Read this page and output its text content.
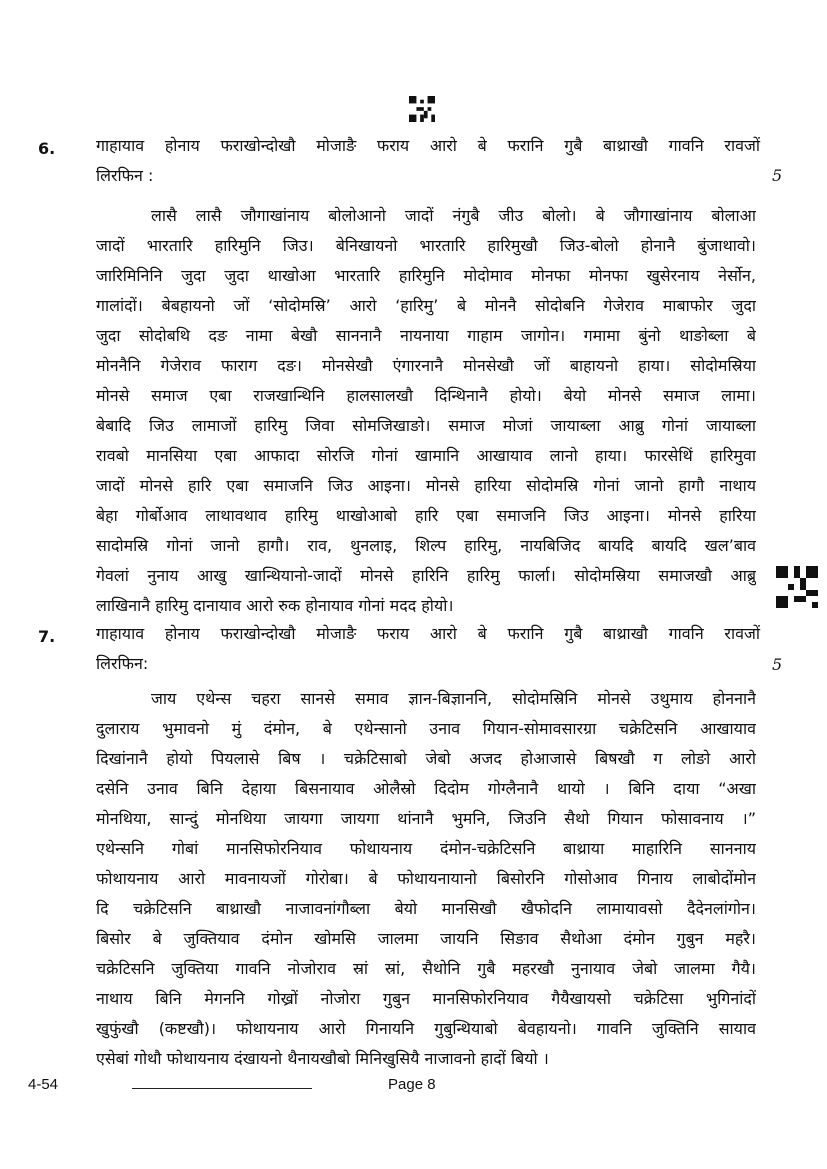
6.	गाहायाव होनाय फराखोन्दोखौ मोजाङै फराय आरो बे फरानि गुबै बाथ्राखौ गावनि रावजों
लिरफिन :	5
लासै लासै जौगाखांनाय बोलोआनो जादों नंगुबै जीउ बोलो। बे जौगाखांनाय बोलाआ
जादों भारतारि हारिमुनि जिउ। बेनिखायनो भारतारि हारिमुखौ जिउ-बोलो होनानै बुंजाथावो।
जारिमिनिनि जुदा जुदा थाखोआ भारतारि हारिमुनि मोदोमाव मोनफा मोनफा खुसेरनाय नेर्सोन,
गालांदों। बेबहायनो जों ‘सोदोमस्रि’ आरो ‘हारिमु’ बे मोननै सोदोबनि गेजेराव माबाफोर जुदा
जुदा सोदोबथि दङ नामा बेखौ साननानै नायनाया गाहाम जागोन। गमामा बुंनो थाङोब्ला बे
मोननैनि गेजेराव फाराग दङ। मोनसेखौ एंगारनानै मोनसेखौ जों बाहायनो हाया। सोदोमस्रिया
मोनसे समाज एबा राजखान्थिनि हालसालखौ दिन्थिनानै होयो। बेयो मोनसे समाज लामा।
बेबादि जिउ लामाजों हारिमु जिवा सोमजिखाङो। समाज मोजां जायाब्ला आब्रु गोनां जायाब्ला
रावबो मानसिया एबा आफादा सोरजि गोनां खामानि आखायाव लानो हाया। फारसेथिं हारिमुवा
जादों मोनसे हारि एबा समाजनि जिउ आइना। मोनसे हारिया सोदोमस्रि गोनां जानो हागौ नाथाय
बेहा गोर्बोआव लाथावथाव हारिमु थाखोआबो हारि एबा समाजनि जिउ आइना। मोनसे हारिया
सादोमस्रि गोनां जानो हागौ। राव, थुनलाइ, शिल्प हारिमु, नायबिजिद बायदि बायदि खल’बाव
गेवलां नुनाय आखु खान्थियानो-जादों मोनसे हारिनि हारिमु फार्ला। सोदोमस्रिया समाजखौ आब्रु
लाखिनानै हारिमु दानायाव आरो रुक होनायाव गोनां मदद होयो।
7.	गाहायाव होनाय फराखोन्दोखौ मोजाङै फराय आरो बे फरानि गुबै बाथ्राखौ गावनि रावजों
लिरफिन:	5
जाय एथेन्स चहरा सानसे समाव ज्ञान-बिज्ञाननि, सोदोमस्रिनि मोनसे उथुमाय होननानै
दुलाराय भुमावनो मुं दंमोन, बे एथेन्सानो उनाव गियान-सोमावसारग्रा चक्रेटिसनि आखायाव
दिखांनानै होयो पियलासे बिष । चक्रेटिसाबो जेबो अजद होआजासे बिषखौ ग लोङो आरो
दसेनि उनाव बिनि देहाया बिसनायाव ओलैस्रो दिदोम गोग्लैनानै थायो । बिनि दाया “अखा
मोनथिया, सान्दुं मोनथिया जायगा जायगा थांनानै भुमनि, जिउनि सैथो गियान फोसावनाय ।”
एथेन्सनि गोबां मानसिफोरनियाव फोथायनाय दंमोन-चक्रेटिसनि बाथ्राया माहारिनि साननाय
फोथायनाय आरो मावनायजों गोरोबा। बे फोथायनायानो बिसोरनि गोसोआव गिनाय लाबोदोंमोन
दि चक्रेटिसनि बाथ्राखौ नाजावनांगौब्ला बेयो मानसिखौ खैफोदनि लामायावसो दैदेनलांगोन।
बिसोर बे जुक्तियाव दंमोन खोमसि जालमा जायनि सिङाव सैथोआ दंमोन गुबुन महरै।
चक्रेटिसनि जुक्तिया गावनि नोजोराव स्रां स्रां, सैथोनि गुबै महरखौ नुनायाव जेबो जालमा गैयै।
नाथाय बिनि मेगननि गोख्रों नोजोरा गुबुन मानसिफोरनियाव गैयैखायसो चक्रेटिसा भुगिनांदों
खुफुंखौ (कष्टखौ)। फोथायनाय आरो गिनायनि गुबुन्थियाबो बेवहायनो। गावनि जुक्तिनि सायाव
एसेबां गोथौ फोथायनाय दंखायनो थैनायखौबो मिनिखुसियै नाजावनो हादों बियो ।
4-54	Page 8
